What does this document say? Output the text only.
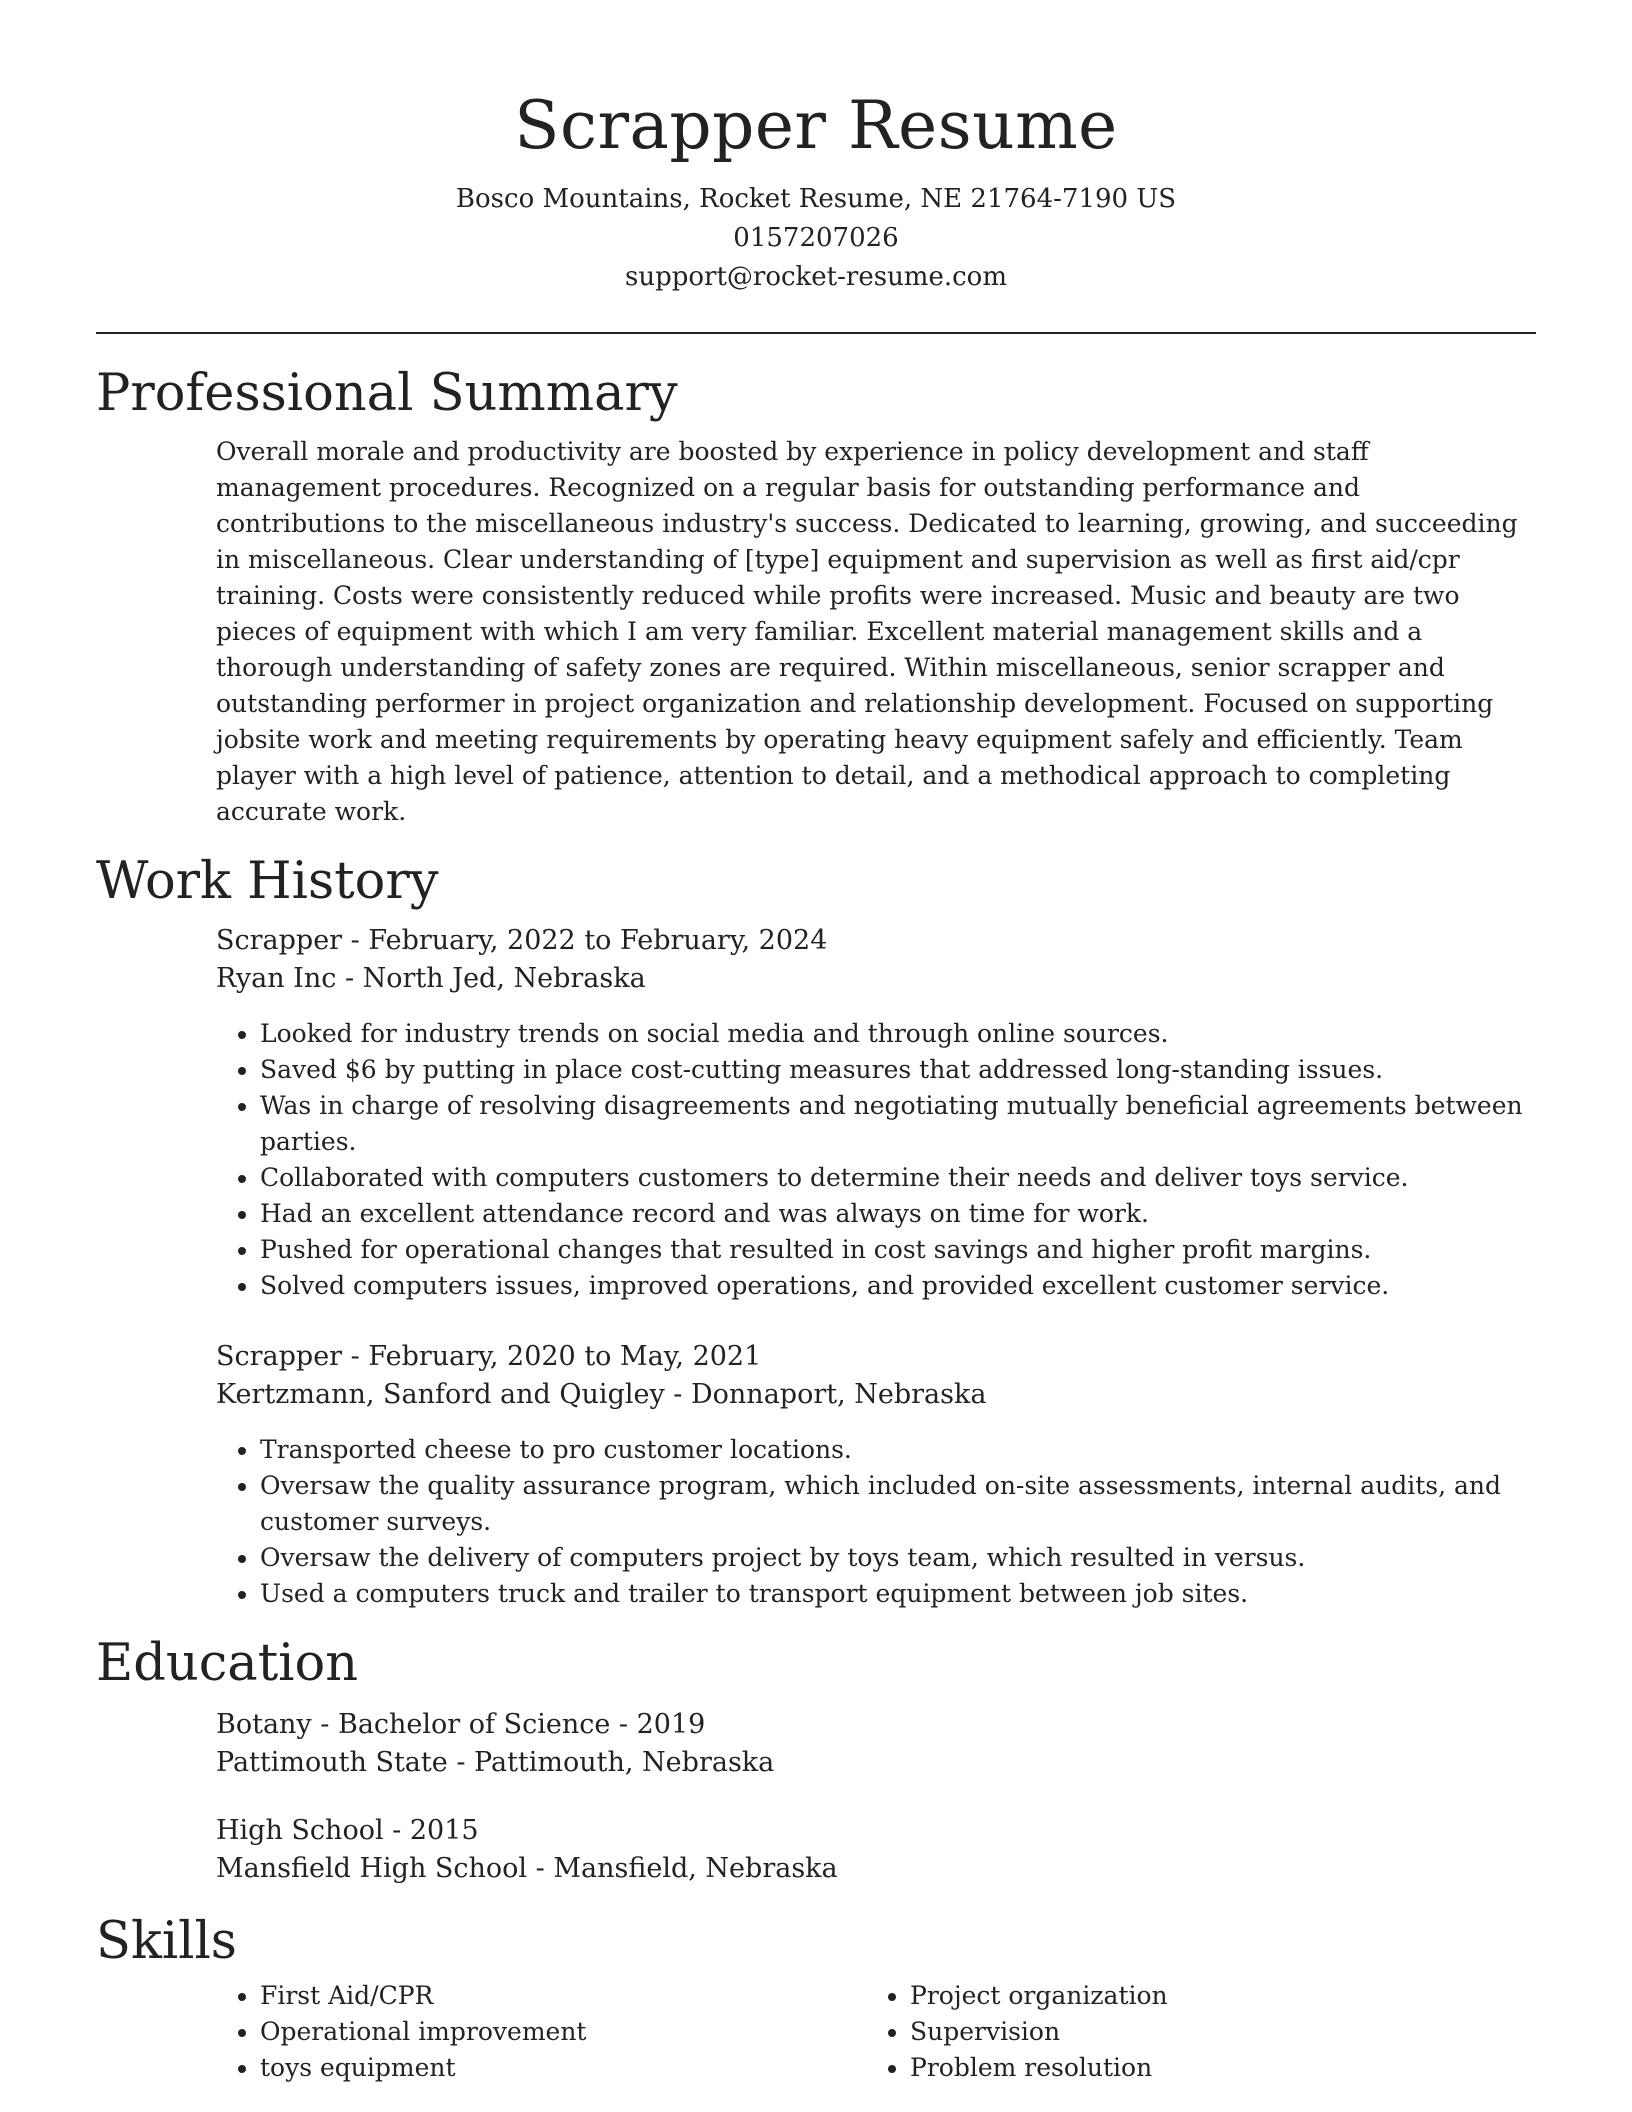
Scrapper Resume
Bosco Mountains, Rocket Resume, NE 21764-7190 US
0157207026
support@rocket-resume.com
Professional Summary

Overall morale and productivity are boosted by experience in policy development and staff management procedures. Recognized on a regular basis for outstanding performance and contributions to the miscellaneous industry's success. Dedicated to learning, growing, and succeeding in miscellaneous. Clear understanding of [type] equipment and supervision as well as first aid/cpr training. Costs were consistently reduced while profits were increased. Music and beauty are two pieces of equipment with which I am very familiar. Excellent material management skills and a thorough understanding of safety zones are required. Within miscellaneous, senior scrapper and outstanding performer in project organization and relationship development. Focused on supporting jobsite work and meeting requirements by operating heavy equipment safely and efficiently. Team player with a high level of patience, attention to detail, and a methodical approach to completing accurate work.

Work History
Scrapper - February, 2022 to February, 2024
Ryan Inc - North Jed, Nebraska
• Looked for industry trends on social media and through online sources.
• Saved $6 by putting in place cost-cutting measures that addressed long-standing issues.
• Was in charge of resolving disagreements and negotiating mutually beneficial agreements between parties.
• Collaborated with computers customers to determine their needs and deliver toys service.
• Had an excellent attendance record and was always on time for work.
• Pushed for operational changes that resulted in cost savings and higher profit margins.
• Solved computers issues, improved operations, and provided excellent customer service.
Scrapper - February, 2020 to May, 2021
Kertzmann, Sanford and Quigley - Donnaport, Nebraska
• Transported cheese to pro customer locations.
• Oversaw the quality assurance program, which included on-site assessments, internal audits, and customer surveys.
• Oversaw the delivery of computers project by toys team, which resulted in versus.
• Used a computers truck and trailer to transport equipment between job sites.
Education
Botany - Bachelor of Science - 2019
Pattimouth State - Pattimouth, Nebraska
High School - 2015
Mansfield High School - Mansfield, Nebraska
Skills
• First Aid/CPR
• Operational improvement
• toys equipment
• Project organization
• Supervision
• Problem resolution
